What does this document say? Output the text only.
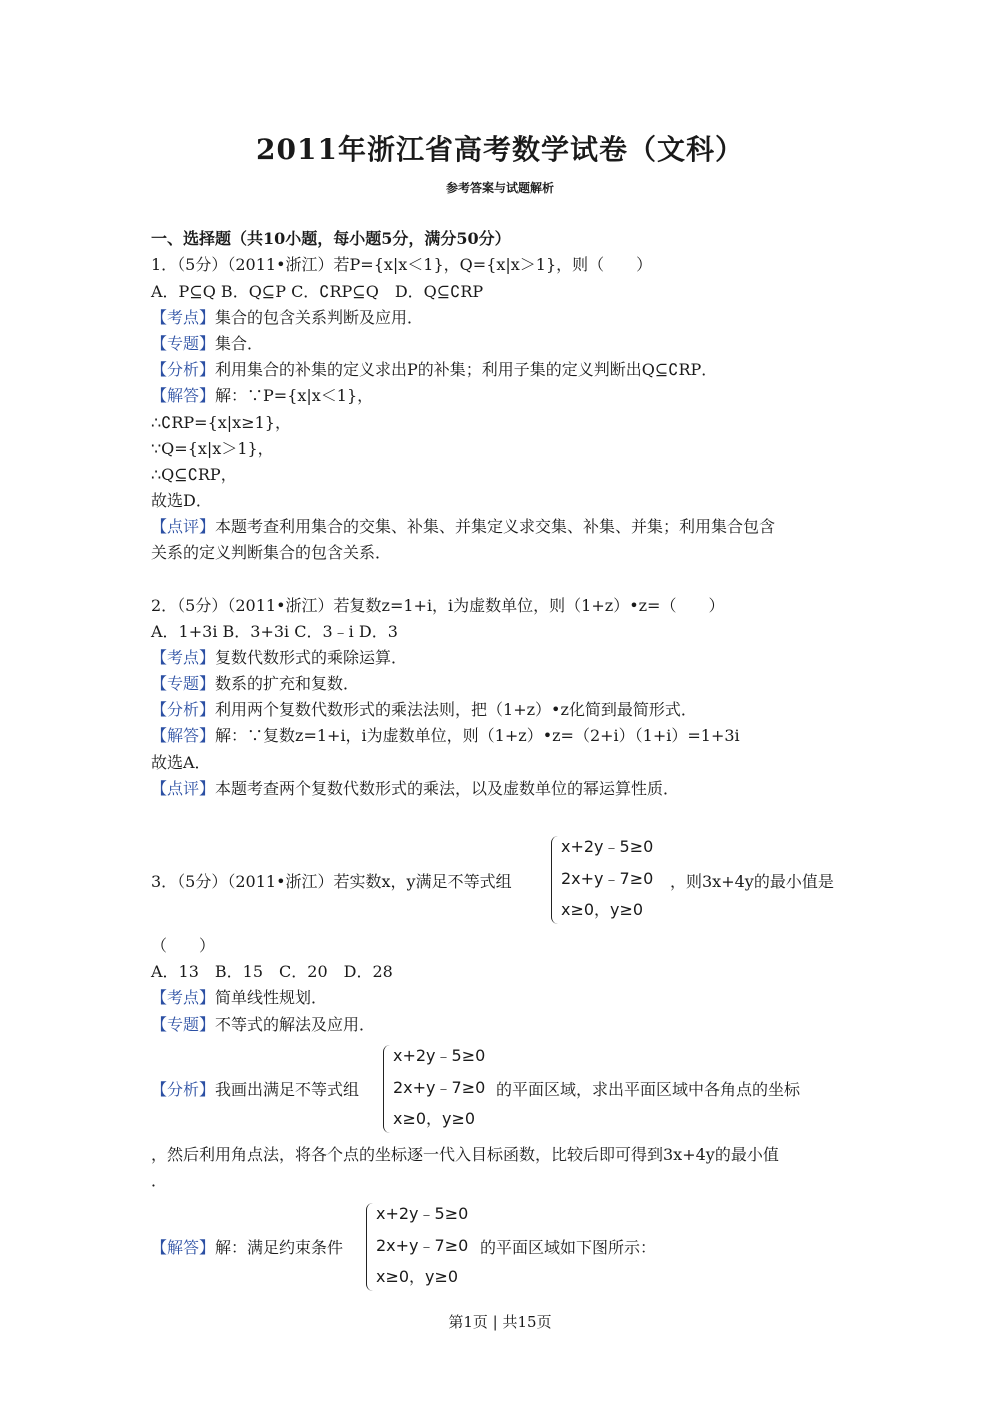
2011年浙江省高考数学试卷（文科）
参考答案与试题解析
一、选择题（共10小题，每小题5分，满分50分）
1．（5分）（2011•浙江）若P={x|x＜1}，Q={x|x＞1}，则（　　）
A．P⊆Q B．Q⊆P C．∁RP⊆Q　D．Q⊆∁RP
【考点】集合的包含关系判断及应用．
【专题】集合．
【分析】利用集合的补集的定义求出P的补集；利用子集的定义判断出Q⊆∁RP．
【解答】解：∵P={x|x＜1}，
∴∁RP={x|x≥1}，
∵Q={x|x＞1}，
∴Q⊆∁RP，
故选D．
【点评】本题考查利用集合的交集、补集、并集定义求交集、补集、并集；利用集合包含
关系的定义判断集合的包含关系．
2．（5分）（2011•浙江）若复数z=1+i，i为虚数单位，则（1+z）•z=（　　）
A．1+3i B．3+3i C．3﹣i D．3
【考点】复数代数形式的乘除运算．
【专题】数系的扩充和复数．
【分析】利用两个复数代数形式的乘法法则，把（1+z）•z化简到最简形式．
【解答】解：∵复数z=1+i，i为虚数单位，则（1+z）•z=（2+i）（1+i）=1+3i
故选A．
【点评】本题考查两个复数代数形式的乘法，以及虚数单位的幂运算性质．
3．（5分）（2011•浙江）若实数x，y满足不等式组
x+2y﹣5≥0
2x+y﹣7≥0
x≥0，y≥0
，则3x+4y的最小值是
（　　）
A．13　B．15　C．20　D．28
【考点】简单线性规划．
【专题】不等式的解法及应用．
【分析】我画出满足不等式组
x+2y﹣5≥0
2x+y﹣7≥0
x≥0，y≥0
的平面区域，求出平面区域中各角点的坐标
，然后利用角点法，将各个点的坐标逐一代入目标函数，比较后即可得到3x+4y的最小值
．
【解答】解：满足约束条件
x+2y﹣5≥0
2x+y﹣7≥0
x≥0，y≥0
的平面区域如下图所示：
第1页 | 共15页
